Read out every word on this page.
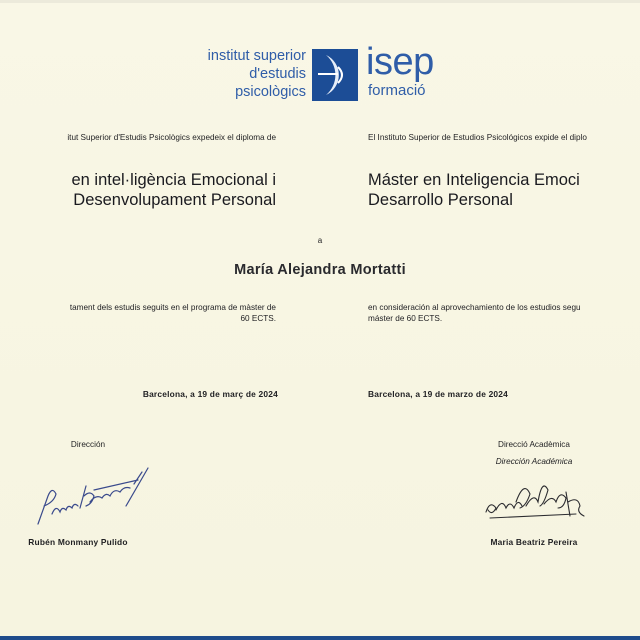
institut superior
d'estudis
psicològics
isep
formació
itut Superior d'Estudis Psicològics expedeix el diploma de	El Instituto Superior de Estudios Psicológicos expide el diplo
en intel·ligència Emocional i
Desenvolupament Personal
Máster en Inteligencia Emoci
Desarrollo Personal
a
María Alejandra Mortatti
tament dels estudis seguits en el programa de màster de
60 ECTS.
en consideración al aprovechamiento de los estudios segu
máster de 60 ECTS.
Barcelona, a 19 de març de 2024	Barcelona, a 19 de marzo de 2024
Dirección	Direcció Acadèmica
Dirección Académica
Rubén Monmany Pulido	Maria Beatriz Pereira
